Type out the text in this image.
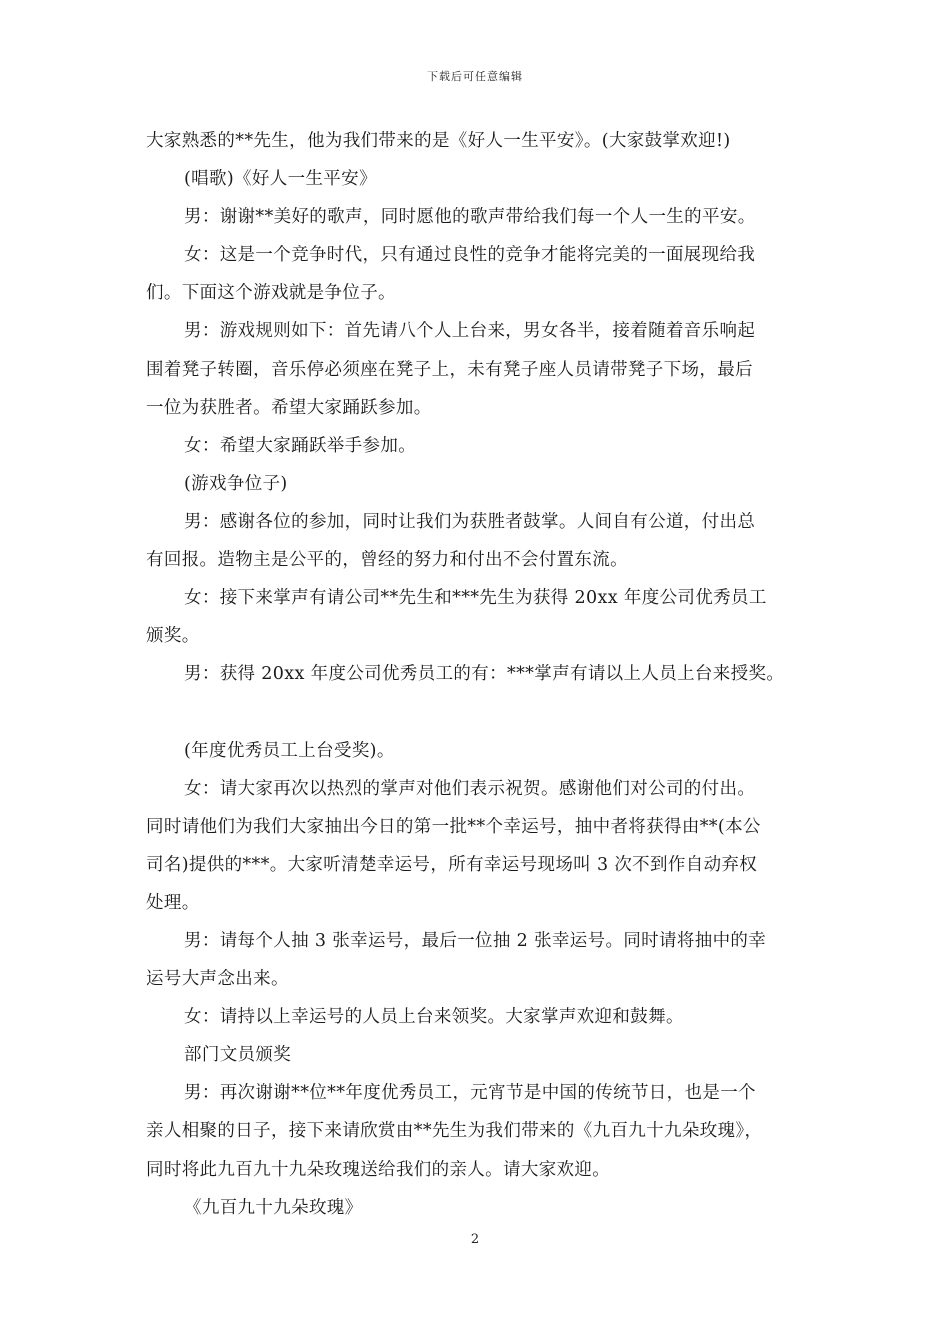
下载后可任意编辑
大家熟悉的**先生，他为我们带来的是《好人一生平安》。(大家鼓掌欢迎!)
(唱歌)《好人一生平安》
男：谢谢**美好的歌声，同时愿他的歌声带给我们每一个人一生的平安。
女：这是一个竞争时代，只有通过良性的竞争才能将完美的一面展现给我
们。下面这个游戏就是争位子。
男：游戏规则如下：首先请八个人上台来，男女各半，接着随着音乐响起
围着凳子转圈，音乐停必须座在凳子上，未有凳子座人员请带凳子下场，最后
一位为获胜者。希望大家踊跃参加。
女：希望大家踊跃举手参加。
(游戏争位子)
男：感谢各位的参加，同时让我们为获胜者鼓掌。人间自有公道，付出总
有回报。造物主是公平的，曾经的努力和付出不会付置东流。
女：接下来掌声有请公司**先生和***先生为获得 20xx 年度公司优秀员工
颁奖。
男：获得 20xx 年度公司优秀员工的有：***掌声有请以上人员上台来授奖。
(年度优秀员工上台受奖)。
女：请大家再次以热烈的掌声对他们表示祝贺。感谢他们对公司的付出。
同时请他们为我们大家抽出今日的第一批**个幸运号，抽中者将获得由**(本公
司名)提供的***。大家听清楚幸运号，所有幸运号现场叫 3 次不到作自动弃权
处理。
男：请每个人抽 3 张幸运号，最后一位抽 2 张幸运号。同时请将抽中的幸
运号大声念出来。
女：请持以上幸运号的人员上台来领奖。大家掌声欢迎和鼓舞。
部门文员颁奖
男：再次谢谢**位**年度优秀员工，元宵节是中国的传统节日，也是一个
亲人相聚的日子，接下来请欣赏由**先生为我们带来的《九百九十九朵玫瑰》，
同时将此九百九十九朵玫瑰送给我们的亲人。请大家欢迎。
《九百九十九朵玫瑰》
2
